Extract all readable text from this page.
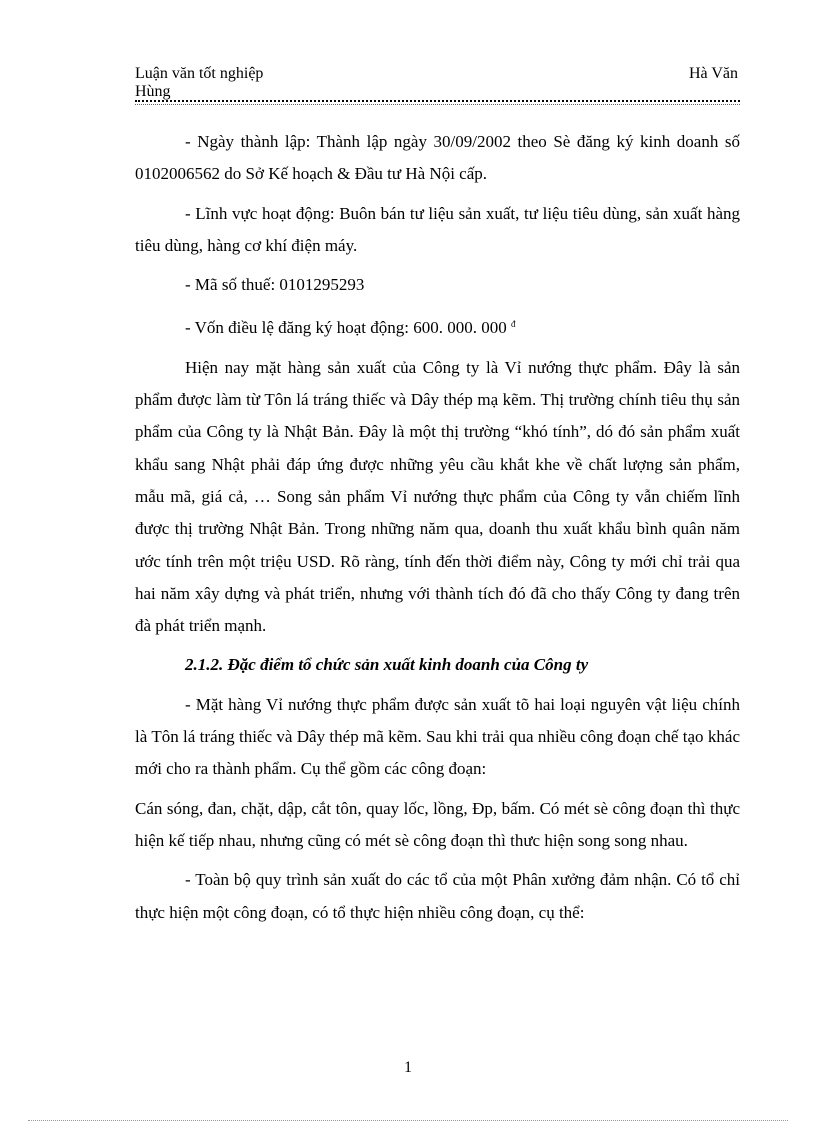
Luận văn tốt nghiệp	Hà Văn
Hùng

- Ngày thành lập: Thành lập ngày 30/09/2002 theo Sè đăng ký kinh doanh số 0102006562 do Sở Kế hoạch & Đầu tư Hà Nội cấp.

- Lĩnh vực hoạt động: Buôn bán tư liệu sản xuất, tư liệu tiêu dùng, sản xuất hàng tiêu dùng, hàng cơ khí điện máy.

- Mã số thuế: 0101295293

- Vốn điều lệ đăng ký hoạt động: 600. 000. 000 $^đ$

Hiện nay mặt hàng sản xuất của Công ty là Vỉ nướng thực phẩm. Đây là sản phẩm được làm từ Tôn lá tráng thiếc và Dây thép mạ kẽm. Thị trường chính tiêu thụ sản phẩm của Công ty là Nhật Bản. Đây là một thị trường “khó tính”, dó đó sản phẩm xuất khẩu sang Nhật phải đáp ứng được những yêu cầu khắt khe về chất lượng sản phẩm, mẫu mã, giá cả, … Song sản phẩm Vỉ nướng thực phẩm của Công ty vẫn chiếm lĩnh được thị trường Nhật Bản. Trong những năm qua, doanh thu xuất khẩu bình quân năm ước tính trên một triệu USD. Rõ ràng, tính đến thời điểm này, Công ty mới chỉ trải qua hai năm xây dựng và phát triển, nhưng với thành tích đó đã cho thấy Công ty đang trên đà phát triển mạnh.

2.1.2. Đặc điểm tổ chức sản xuất kinh doanh của Công ty

- Mặt hàng Vỉ nướng thực phẩm được sản xuất tõ hai loại nguyên vật liệu chính là Tôn lá tráng thiếc và Dây thép mã kẽm. Sau khi trải qua nhiều công đoạn chế tạo khác mới cho ra thành phẩm. Cụ thể gồm các công đoạn:

Cán sóng, đan, chặt, dập, cắt tôn, quay lốc, lồng, Đp, bấm. Có mét sè công đoạn thì thực hiện kế tiếp nhau, nhưng cũng có mét sè công đoạn thì thưc hiện song song nhau.

- Toàn bộ quy trình sản xuất do các tổ của một Phân xưởng đảm nhận. Có tổ chỉ thực hiện một công đoạn, có tổ thực hiện nhiều công đoạn, cụ thể:

1
